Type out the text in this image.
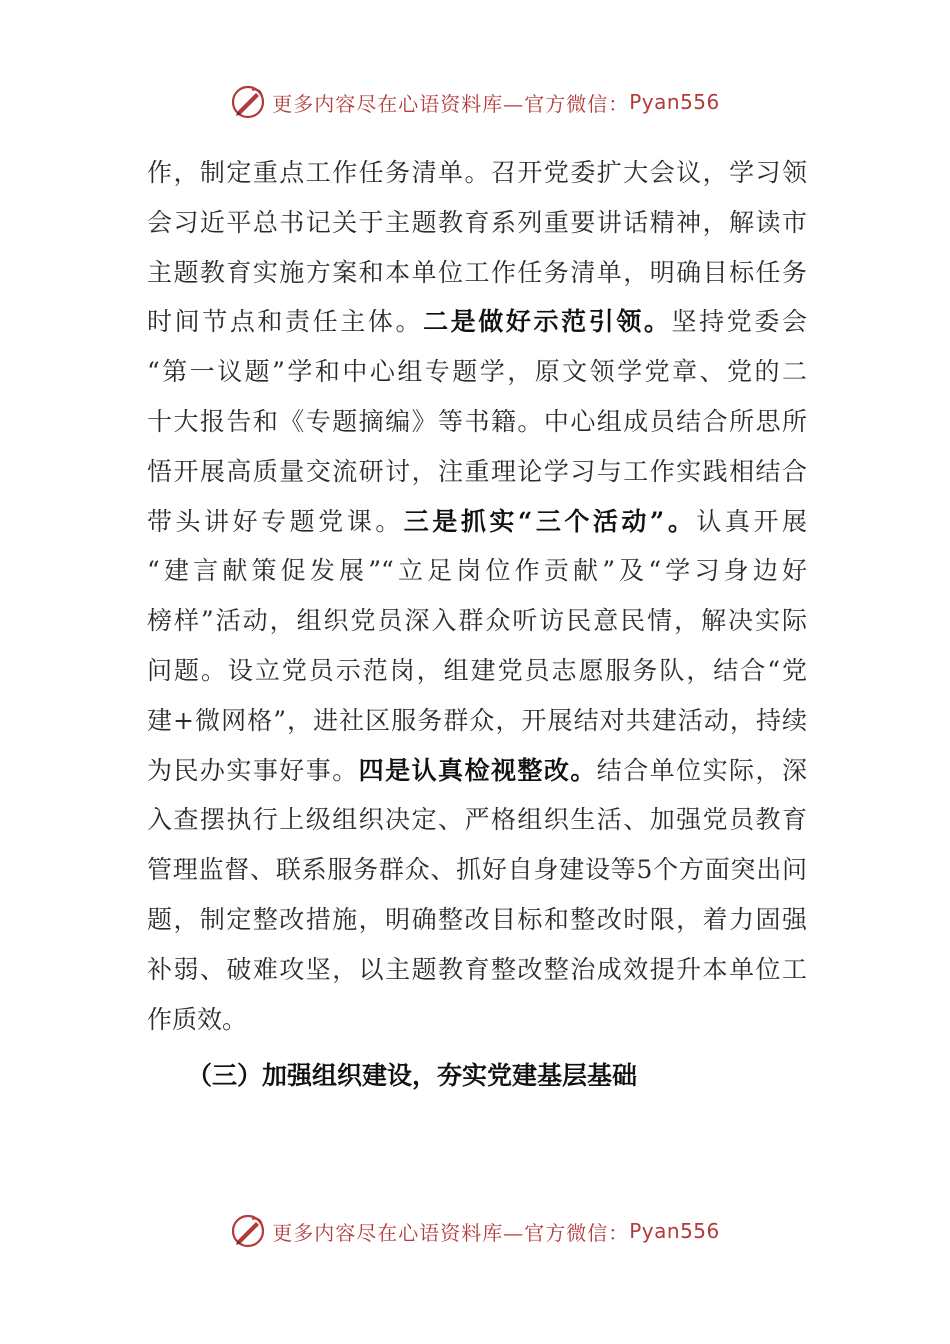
更多内容尽在心语资料库—官方微信： Pyan556
作，制定重点工作任务清单。召开党委扩大会议，学习领
会习近平总书记关于主题教育系列重要讲话精神，解读市
主题教育实施方案和本单位工作任务清单，明确目标任务
时间节点和责任主体。二是做好示范引领。坚持党委会
“第一议题”学和中心组专题学，原文领学党章、党的二
十大报告和《专题摘编》等书籍。中心组成员结合所思所
悟开展高质量交流研讨，注重理论学习与工作实践相结合
带头讲好专题党课。三是抓实“三个活动”。认真开展
“建言献策促发展”“立足岗位作贡献”及“学习身边好
榜样”活动，组织党员深入群众听访民意民情，解决实际
问题。设立党员示范岗，组建党员志愿服务队，结合“党
建+微网格”，进社区服务群众，开展结对共建活动，持续
为民办实事好事。四是认真检视整改。结合单位实际，深
入查摆执行上级组织决定、严格组织生活、加强党员教育
管理监督、联系服务群众、抓好自身建设等5个方面突出问
题，制定整改措施，明确整改目标和整改时限，着力固强
补弱、破难攻坚，以主题教育整改整治成效提升本单位工
作质效。
（三）加强组织建设，夯实党建基层基础
更多内容尽在心语资料库—官方微信： Pyan556
